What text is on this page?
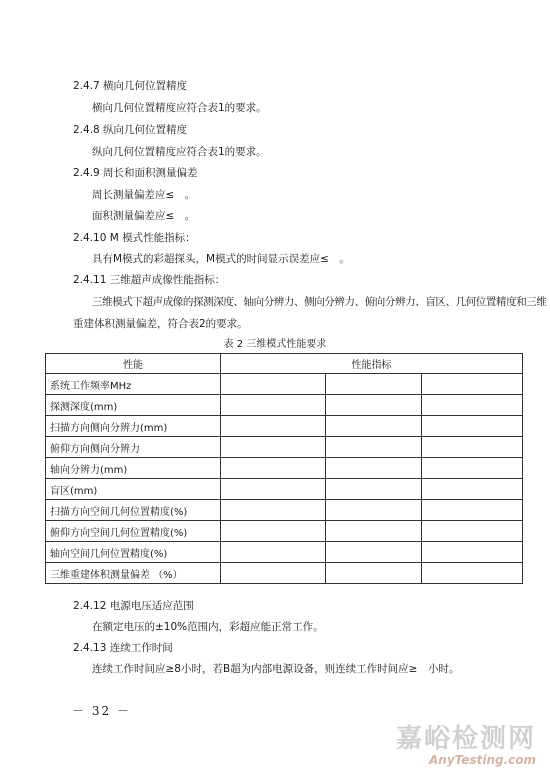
2.4.7 横向几何位置精度
横向几何位置精度应符合表1的要求。
2.4.8 纵向几何位置精度
纵向几何位置精度应符合表1的要求。
2.4.9 周长和面积测量偏差
周长测量偏差应≤　。
面积测量偏差应≤　。
2.4.10 M 模式性能指标：
具有M模式的彩超探头，M模式的时间显示误差应≤　。
2.4.11 三维超声成像性能指标：
三维模式下超声成像的探测深度、轴向分辨力、侧向分辨力、俯向分辨力、盲区、几何位置精度和三维
重建体积测量偏差，符合表2的要求。
表 2 三维模式性能要求
性能	性能指标		
系统工作频率MHz			
探测深度(mm)			
扫描方向侧向分辨力(mm)			
俯仰方向侧向分辨力			
轴向分辨力(mm)			
盲区(mm)			
扫描方向空间几何位置精度(%)			
俯仰方向空间几何位置精度(%)			
轴向空间几何位置精度(%)			
三维重建体积测量偏差 （%）			
2.4.12 电源电压适应范围
在额定电压的±10%范围内，彩超应能正常工作。
2.4.13 连续工作时间
连续工作时间应≥8小时，若B超为内部电源设备，则连续工作时间应≥　小时。
－ 32 －
嘉峪检测网
AnyTesting.com
